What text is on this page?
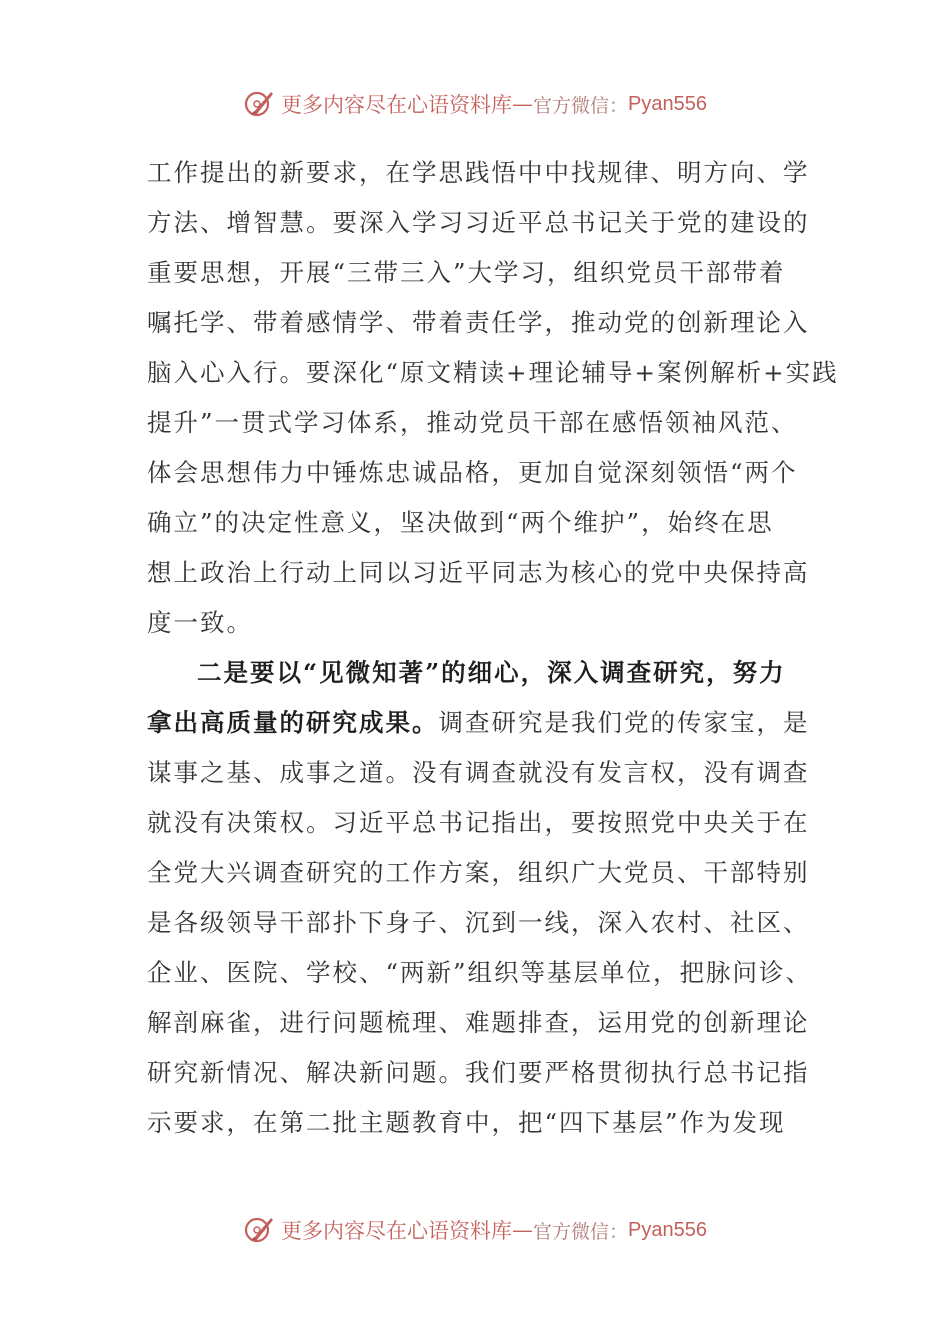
更多内容尽在心语资料库 — 官方微信： Pyan556
工作提出的新要求，在学思践悟中中找规律、明方向、学
方法、增智慧。要深入学习习近平总书记关于党的建设的
重要思想，开展“三带三入”大学习，组织党员干部带着
嘱托学、带着感情学、带着责任学，推动党的创新理论入
脑入心入行。要深化“原文精读+理论辅导+案例解析+实践
提升”一贯式学习体系，推动党员干部在感悟领袖风范、
体会思想伟力中锤炼忠诚品格，更加自觉深刻领悟“两个
确立”的决定性意义，坚决做到“两个维护”，始终在思
想上政治上行动上同以习近平同志为核心的党中央保持高
度一致。
二是要以“见微知著”的细心，深入调查研究，努力
拿出高质量的研究成果。调查研究是我们党的传家宝，是
谋事之基、成事之道。没有调查就没有发言权，没有调查
就没有决策权。习近平总书记指出，要按照党中央关于在
全党大兴调查研究的工作方案，组织广大党员、干部特别
是各级领导干部扑下身子、沉到一线，深入农村、社区、
企业、医院、学校、“两新”组织等基层单位，把脉问诊、
解剖麻雀，进行问题梳理、难题排查，运用党的创新理论
研究新情况、解决新问题。我们要严格贯彻执行总书记指
示要求，在第二批主题教育中，把“四下基层”作为发现
更多内容尽在心语资料库 — 官方微信： Pyan556
